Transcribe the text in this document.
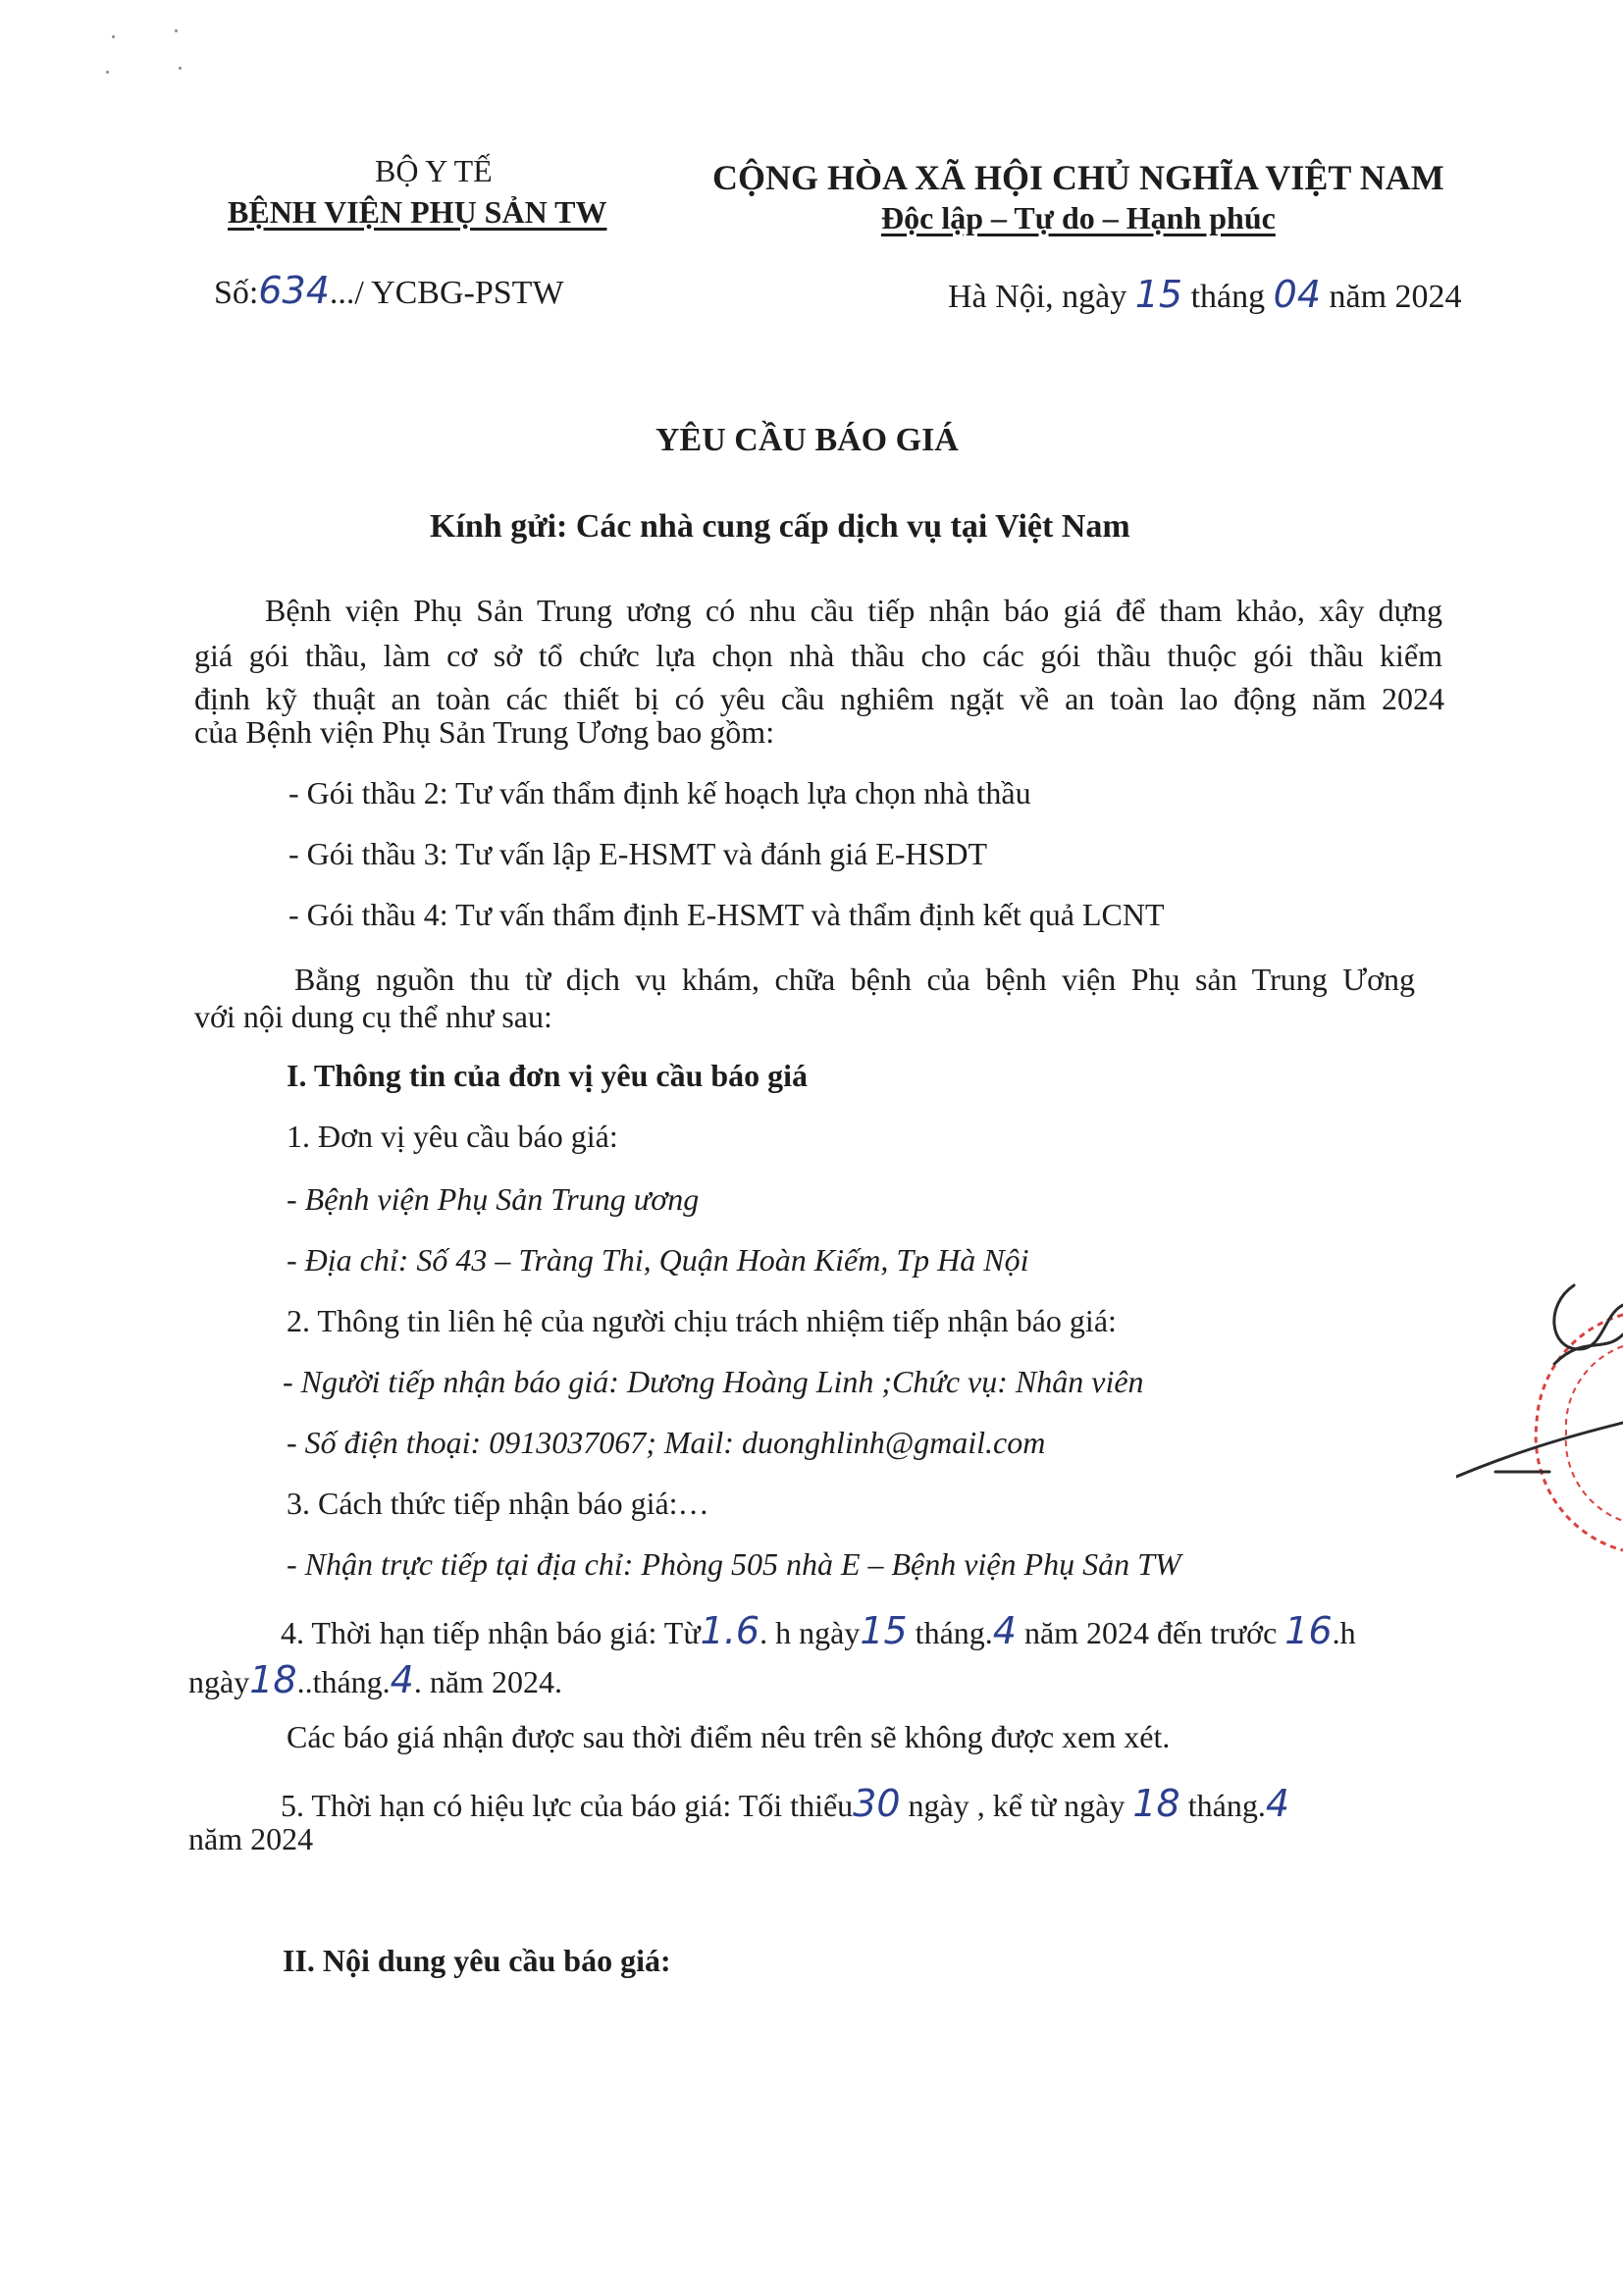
BỘ Y TẾ
BỆNH VIỆN PHỤ SẢN TW
Số:634.../ YCBG-PSTW
CỘNG HÒA XÃ HỘI CHỦ NGHĨA VIỆT NAM
Độc lập – Tự do – Hạnh phúc
Hà Nội, ngày 15 tháng 04 năm 2024
YÊU CẦU BÁO GIÁ
Kính gửi: Các nhà cung cấp dịch vụ tại Việt Nam
Bệnh viện Phụ Sản Trung ương có nhu cầu tiếp nhận báo giá để tham khảo, xây dựng
giá gói thầu, làm cơ sở tổ chức lựa chọn nhà thầu cho các gói thầu thuộc gói thầu kiểm
định kỹ thuật an toàn các thiết bị có yêu cầu nghiêm ngặt về an toàn lao động năm 2024
của Bệnh viện Phụ Sản Trung Ương bao gồm:
- Gói thầu 2: Tư vấn thẩm định kế hoạch lựa chọn nhà thầu
- Gói thầu 3: Tư vấn lập E-HSMT và đánh giá E-HSDT
- Gói thầu 4: Tư vấn thẩm định E-HSMT và thẩm định kết quả LCNT
Bằng nguồn thu từ dịch vụ khám, chữa bệnh của bệnh viện Phụ sản Trung Ương
với nội dung cụ thể như sau:
I. Thông tin của đơn vị yêu cầu báo giá
1. Đơn vị yêu cầu báo giá:
- Bệnh viện Phụ Sản Trung ương
- Địa chỉ: Số 43 – Tràng Thi, Quận Hoàn Kiếm, Tp Hà Nội
2. Thông tin liên hệ của người chịu trách nhiệm tiếp nhận báo giá:
- Người tiếp nhận báo giá: Dương Hoàng Linh ;Chức vụ: Nhân viên
- Số điện thoại: 0913037067; Mail: duonghlinh@gmail.com
3. Cách thức tiếp nhận báo giá:…
- Nhận trực tiếp tại địa chỉ: Phòng 505 nhà E – Bệnh viện Phụ Sản TW
4. Thời hạn tiếp nhận báo giá: Từ1.6. h ngày15 tháng.4 năm 2024 đến trước 16.h
ngày18..tháng.4. năm 2024.
Các báo giá nhận được sau thời điểm nêu trên sẽ không được xem xét.
5. Thời hạn có hiệu lực của báo giá: Tối thiểu30 ngày , kể từ ngày 18 tháng.4
năm 2024
II. Nội dung yêu cầu báo giá:
